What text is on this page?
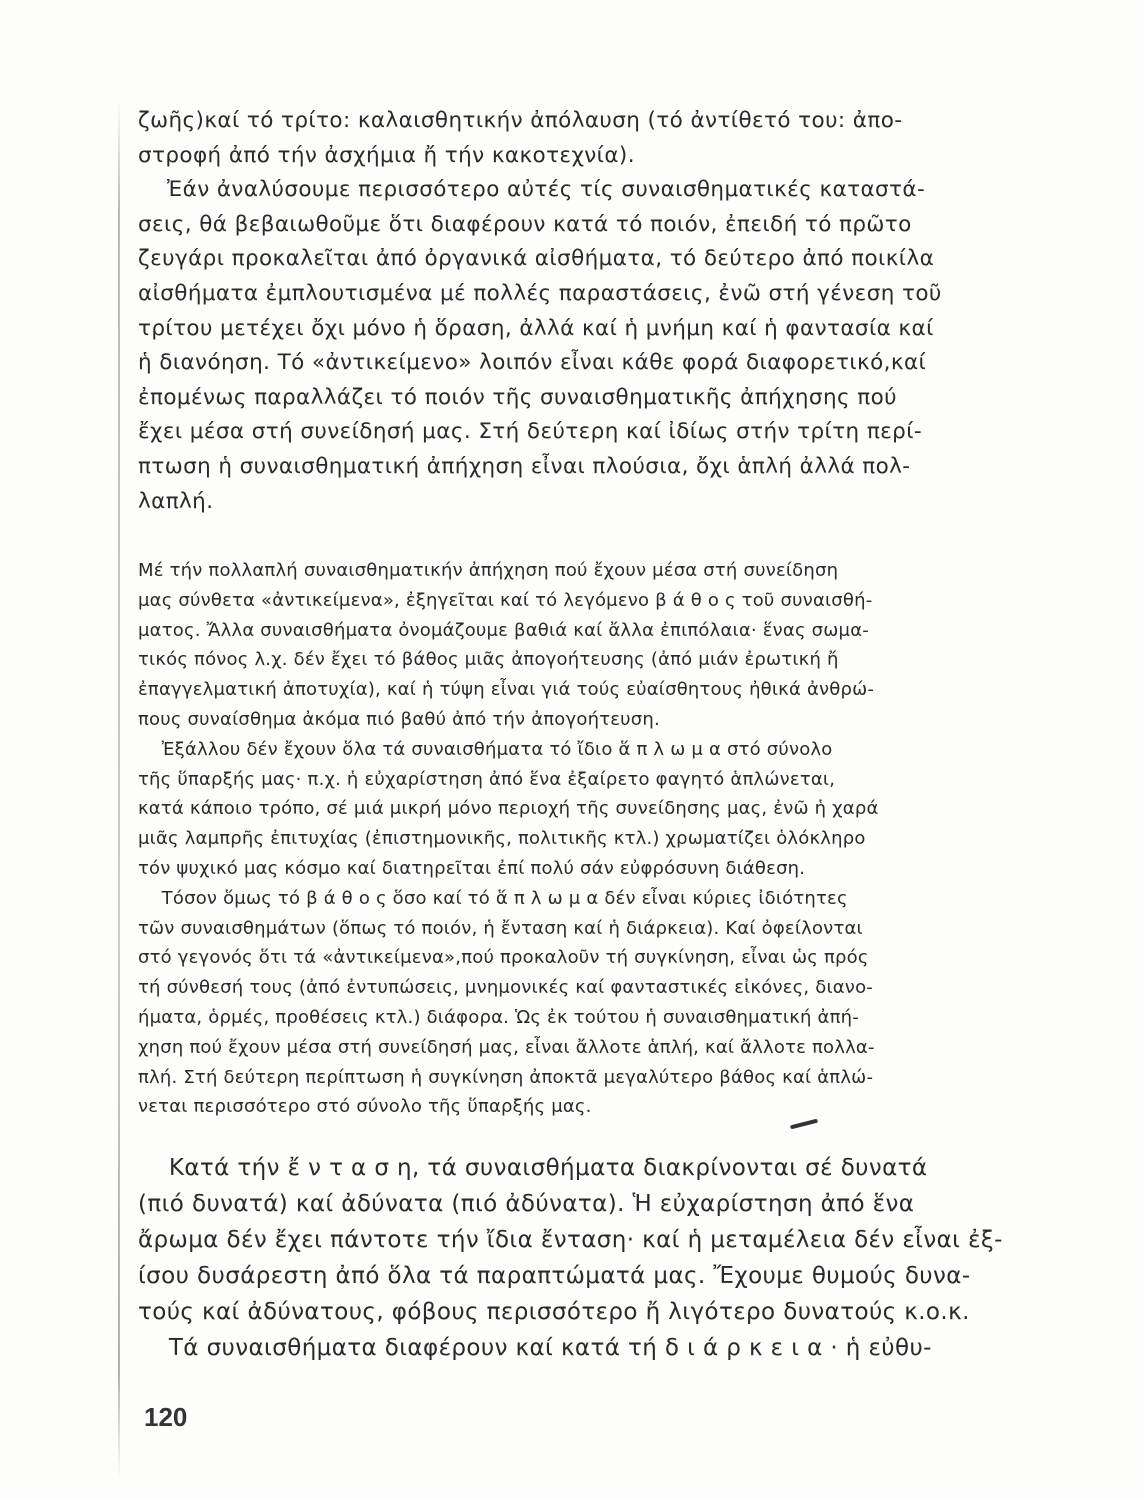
ζωῆς)καί τό τρίτο: καλαισθητικήν ἀπόλαυση (τό ἀντίθετό του: ἀπο-
στροφή ἀπό τήν ἀσχήμια ἤ τήν κακοτεχνία).
Ἐάν ἀναλύσουμε περισσότερο αὐτές τίς συναισθηματικές καταστά-
σεις, θά βεβαιωθοῦμε ὅτι διαφέρουν κατά τό ποιόν, ἐπειδή τό πρῶτο
ζευγάρι προκαλεῖται ἀπό ὀργανικά αἰσθήματα, τό δεύτερο ἀπό ποικίλα
αἰσθήματα ἐμπλουτισμένα μέ πολλές παραστάσεις, ἐνῶ στή γένεση τοῦ
τρίτου μετέχει ὄχι μόνο ἡ ὅραση, ἀλλά καί ἡ μνήμη καί ἡ φαντασία καί
ἡ διανόηση. Τό «ἀντικείμενο» λοιπόν εἶναι κάθε φορά διαφορετικό,καί
ἐπομένως παραλλάζει τό ποιόν τῆς συναισθηματικῆς ἀπήχησης πού
ἔχει μέσα στή συνείδησή μας. Στή δεύτερη καί ἰδίως στήν τρίτη περί-
πτωση ἡ συναισθηματική ἀπήχηση εἶναι πλούσια, ὄχι ἁπλή ἀλλά πολ-
λαπλή.

Μέ τήν πολλαπλή συναισθηματικήν ἀπήχηση πού ἔχουν μέσα στή συνείδηση
μας σύνθετα «ἀντικείμενα», ἐξηγεῖται καί τό λεγόμενο β ά θ ο ς τοῦ συναισθή-
ματος. Ἄλλα συναισθήματα ὀνομάζουμε βαθιά καί ἄλλα ἐπιπόλαια· ἕνας σωμα-
τικός πόνος λ.χ. δέν ἔχει τό βάθος μιᾶς ἀπογοήτευσης (ἀπό μιάν ἐρωτική ἤ
ἐπαγγελματική ἀποτυχία), καί ἡ τύψη εἶναι γιά τούς εὐαίσθητους ἠθικά ἀνθρώ-
πους συναίσθημα ἀκόμα πιό βαθύ ἀπό τήν ἀπογοήτευση.
Ἐξάλλου δέν ἔχουν ὅλα τά συναισθήματα τό ἴδιο ἅ π λ ω μ α στό σύνολο
τῆς ὕπαρξής μας· π.χ. ἡ εὐχαρίστηση ἀπό ἕνα ἐξαίρετο φαγητό ἁπλώνεται,
κατά κάποιο τρόπο, σέ μιά μικρή μόνο περιοχή τῆς συνείδησης μας, ἐνῶ ἡ χαρά
μιᾶς λαμπρῆς ἐπιτυχίας (ἐπιστημονικῆς, πολιτικῆς κτλ.) χρωματίζει ὁλόκληρο
τόν ψυχικό μας κόσμο καί διατηρεῖται ἐπί πολύ σάν εὐφρόσυνη διάθεση.
Τόσον ὅμως τό β ά θ ο ς ὅσο καί τό ἅ π λ ω μ α δέν εἶναι κύριες ἰδιότητες
τῶν συναισθημάτων (ὅπως τό ποιόν, ἡ ἔνταση καί ἡ διάρκεια). Καί ὀφείλονται
στό γεγονός ὅτι τά «ἀντικείμενα»,πού προκαλοῦν τή συγκίνηση, εἶναι ὡς πρός
τή σύνθεσή τους (ἀπό ἐντυπώσεις, μνημονικές καί φανταστικές εἰκόνες, διανο-
ήματα, ὁρμές, προθέσεις κτλ.) διάφορα. Ὡς ἐκ τούτου ἡ συναισθηματική ἀπή-
χηση πού ἔχουν μέσα στή συνείδησή μας, εἶναι ἄλλοτε ἁπλή, καί ἄλλοτε πολλα-
πλή. Στή δεύτερη περίπτωση ἡ συγκίνηση ἀποκτᾶ μεγαλύτερο βάθος καί ἁπλώ-
νεται περισσότερο στό σύνολο τῆς ὕπαρξής μας.

Κατά τήν ἔ ν τ α σ η, τά συναισθήματα διακρίνονται σέ δυνατά
(πιό δυνατά) καί ἀδύνατα (πιό ἀδύνατα). Ἡ εὐχαρίστηση ἀπό ἕνα
ἄρωμα δέν ἔχει πάντοτε τήν ἴδια ἔνταση· καί ἡ μεταμέλεια δέν εἶναι ἐξ-
ίσου δυσάρεστη ἀπό ὅλα τά παραπτώματά μας. Ἔχουμε θυμούς δυνα-
τούς καί ἀδύνατους, φόβους περισσότερο ἤ λιγότερο δυνατούς κ.ο.κ.
Τά συναισθήματα διαφέρουν καί κατά τή δ ι ά ρ κ ε ι α · ἡ εὐθυ-

120
